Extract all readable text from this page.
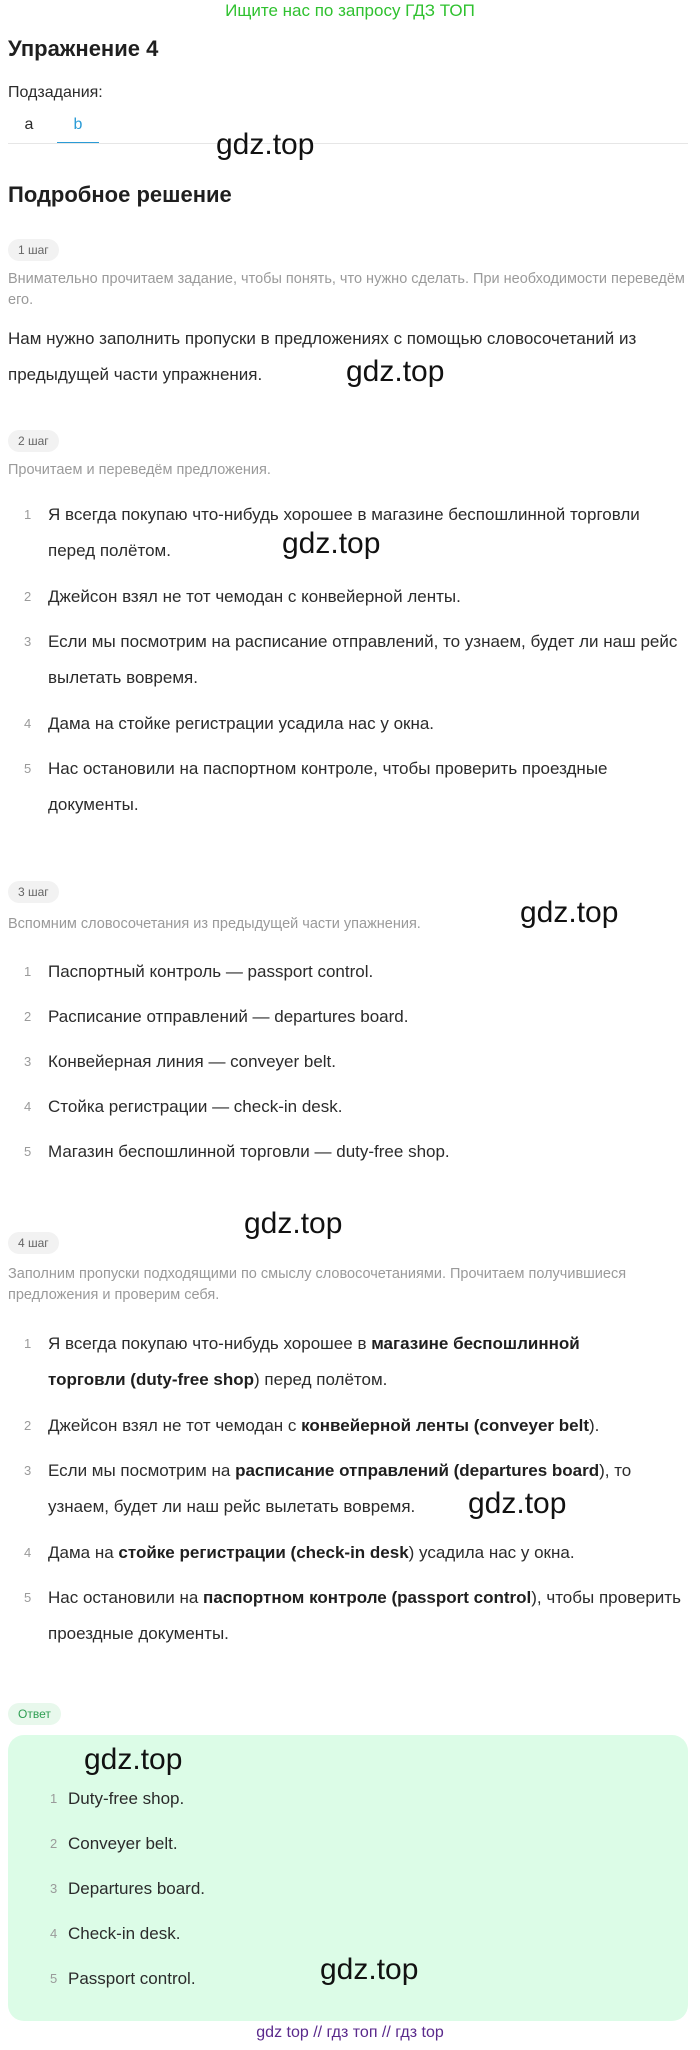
Ищите нас по запросу ГДЗ ТОП
Упражнение 4
Подзадания:
a	b
gdz.top
Подробное решение
1 шаг
Внимательно прочитаем задание, чтобы понять, что нужно сделать. При необходимости переведём его.
Нам нужно заполнить пропуски в предложениях с помощью словосочетаний из предыдущей части упражнения.	gdz.top
2 шаг
Прочитаем и переведём предложения.
1 Я всегда покупаю что-нибудь хорошее в магазине беспошлинной торговли перед полётом.
2 Джейсон взял не тот чемодан с конвейерной ленты.
3 Если мы посмотрим на расписание отправлений, то узнаем, будет ли наш рейс вылетать вовремя.
4 Дама на стойке регистрации усадила нас у окна.
5 Нас остановили на паспортном контроле, чтобы проверить проездные документы.
gdz.top
3 шаг
Вспомним словосочетания из предыдущей части упажнения.	gdz.top
1 Паспортный контроль — passport control.
2 Расписание отправлений — departures board.
3 Конвейерная линия — conveyer belt.
4 Стойка регистрации — check-in desk.
5 Магазин беспошлинной торговли — duty-free shop.
4 шаг
gdz.top
Заполним пропуски подходящими по смыслу словосочетаниями. Прочитаем получившиеся предложения и проверим себя.
1 Я всегда покупаю что-нибудь хорошее в магазине беспошлинной торговли (duty-free shop) перед полётом.
2 Джейсон взял не тот чемодан с конвейерной ленты (conveyer belt).
3 Если мы посмотрим на расписание отправлений (departures board), то узнаем, будет ли наш рейс вылетать вовремя.
4 Дама на стойке регистрации (check-in desk) усадила нас у окна.
5 Нас остановили на паспортном контроле (passport control), чтобы проверить проездные документы.
gdz.top
Ответ
gdz.top
1 Duty-free shop.
2 Conveyer belt.
3 Departures board.
4 Check-in desk.
5 Passport control.	gdz.top
gdz top // гдз топ // гдз top
